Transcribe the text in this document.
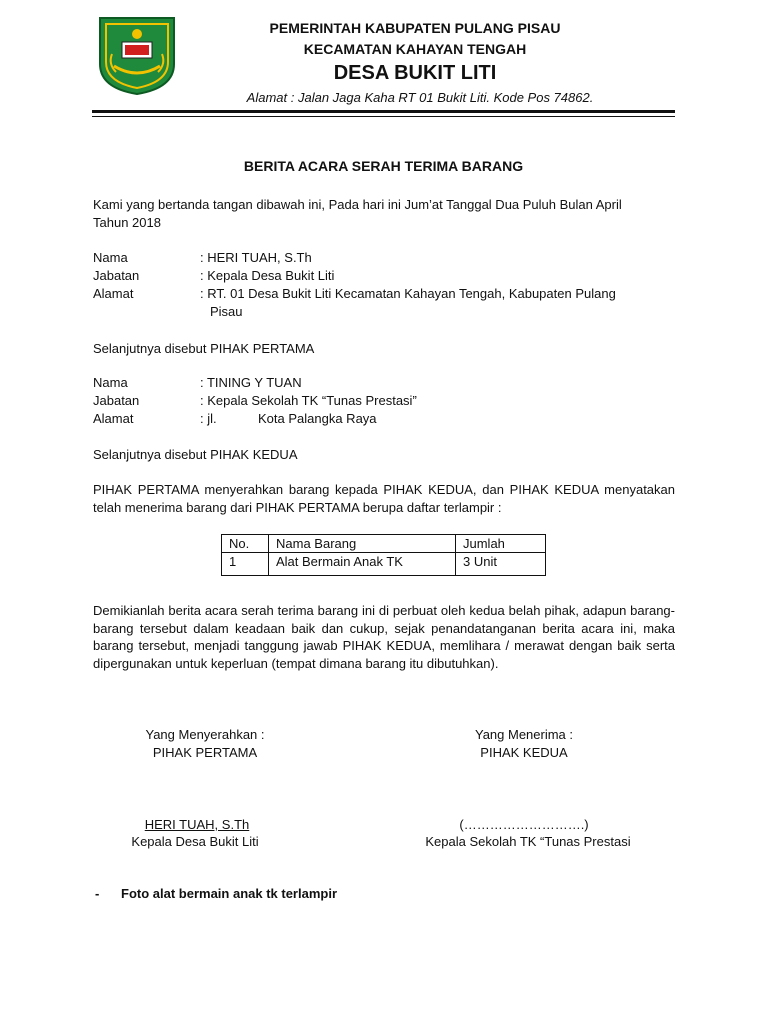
PEMERINTAH KABUPATEN PULANG PISAU
KECAMATAN KAHAYAN TENGAH
DESA BUKIT LITI
Alamat : Jalan Jaga Kaha RT 01 Bukit Liti. Kode Pos 74862.
BERITA ACARA SERAH TERIMA BARANG
Kami yang bertanda tangan dibawah ini, Pada hari ini Jum’at Tanggal Dua Puluh Bulan April
Tahun 2018
Nama	: HERI TUAH, S.Th
Jabatan	: Kepala Desa Bukit Liti
Alamat	: RT. 01 Desa Bukit Liti Kecamatan Kahayan Tengah, Kabupaten Pulang
Pisau
Selanjutnya disebut PIHAK PERTAMA
Nama	: TINING Y TUAN
Jabatan	: Kepala Sekolah TK “Tunas Prestasi”
Alamat	: jl.	Kota Palangka Raya
Selanjutnya disebut PIHAK KEDUA
PIHAK PERTAMA menyerahkan barang kepada PIHAK KEDUA, dan PIHAK KEDUA menyatakan telah menerima barang dari PIHAK PERTAMA berupa daftar terlampir :
No.	Nama Barang	Jumlah
1	Alat Bermain Anak TK	3 Unit
Demikianlah berita acara serah terima barang ini di perbuat oleh kedua belah pihak, adapun barang-barang tersebut dalam keadaan baik dan cukup, sejak penandatanganan berita acara ini, maka barang tersebut, menjadi tanggung jawab PIHAK KEDUA, memlihara / merawat dengan baik serta dipergunakan untuk keperluan (tempat dimana barang itu dibutuhkan).
Yang Menyerahkan :
PIHAK PERTAMA
HERI TUAH, S.Th
Kepala Desa Bukit Liti
Yang Menerima :
PIHAK KEDUA
(……………………….)
Kepala Sekolah TK “Tunas Prestasi
- Foto alat bermain anak tk terlampir
